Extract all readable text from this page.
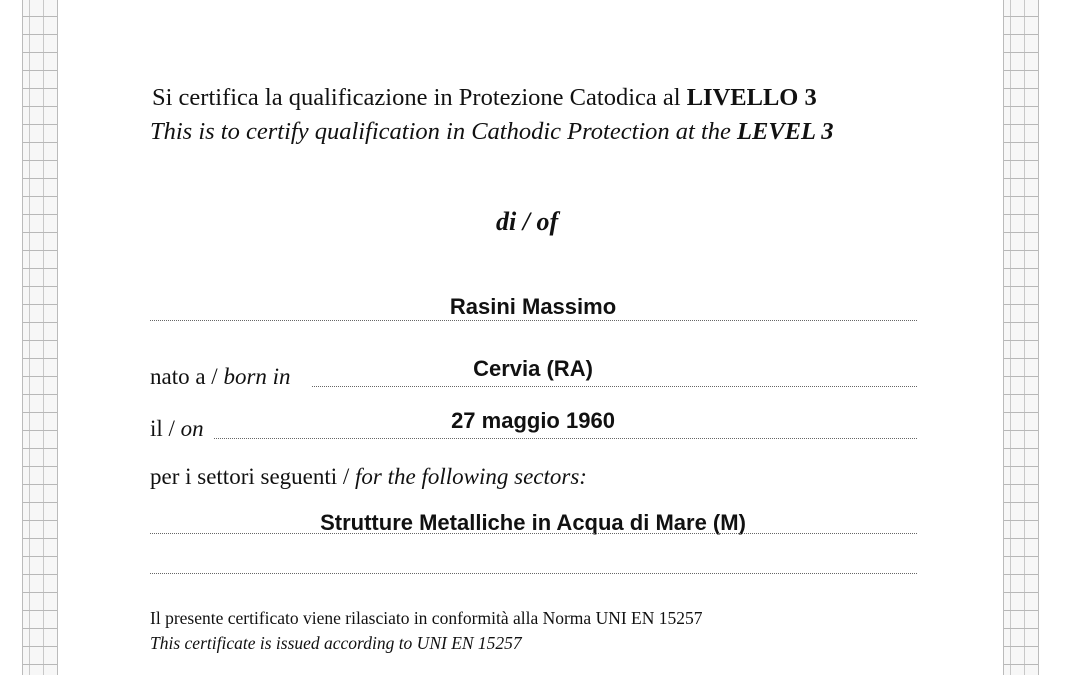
Si certifica la qualificazione in Protezione Catodica al LIVELLO 3
This is to certify qualification in Cathodic Protection at the LEVEL 3
di / of
Rasini Massimo
nato a / born in	Cervia (RA)
il / on	27 maggio 1960
per i settori seguenti / for the following sectors:
Strutture Metalliche in Acqua di Mare (M)
Il presente certificato viene rilasciato in conformità alla Norma UNI EN 15257
This certificate is issued according to UNI EN 15257
